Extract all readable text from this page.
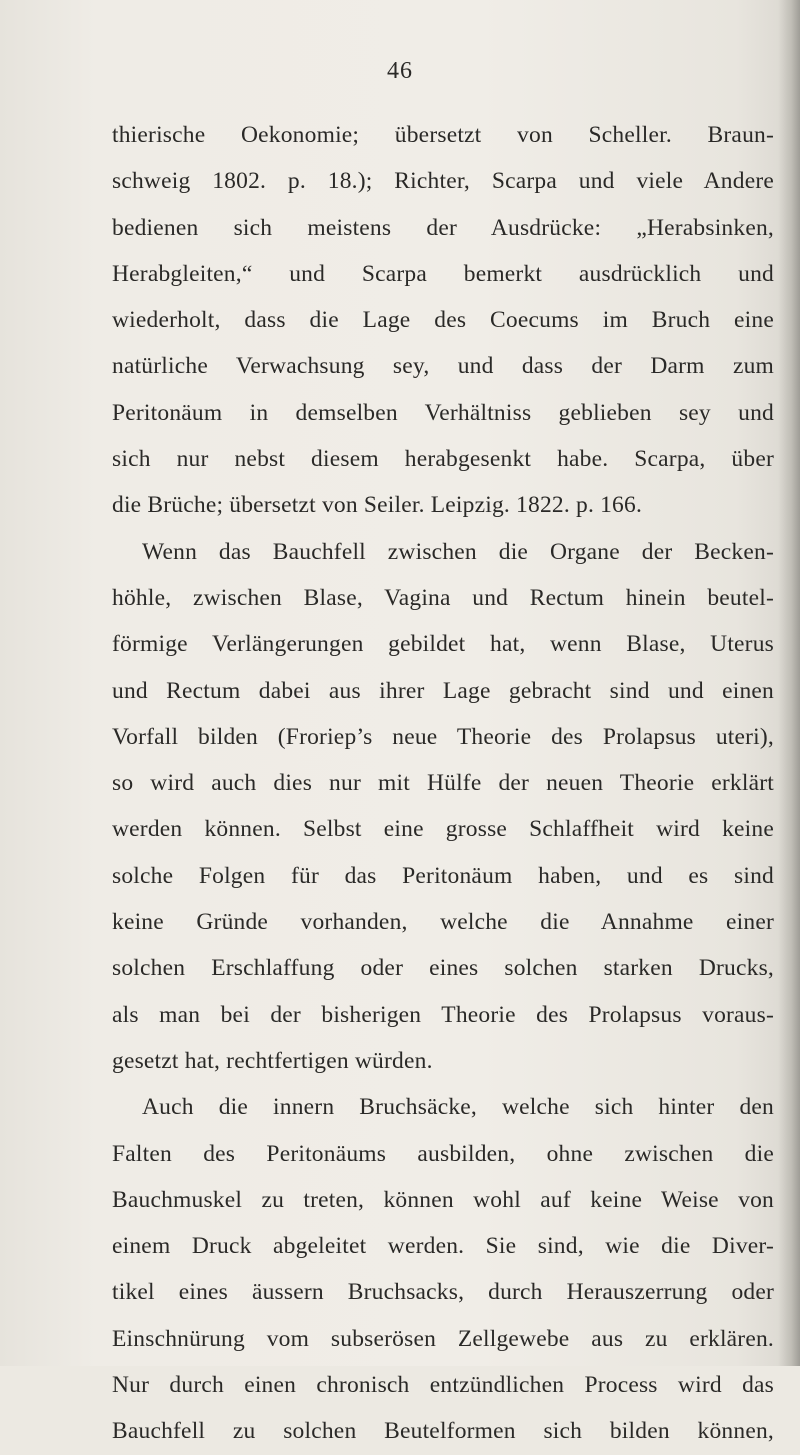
46
thierische Oekonomie; übersetzt von Scheller. Braun-
schweig 1802. p. 18.); Richter, Scarpa und viele Andere
bedienen sich meistens der Ausdrücke: „Herabsinken,
Herabgleiten,“ und Scarpa bemerkt ausdrücklich und
wiederholt, dass die Lage des Coecums im Bruch eine
natürliche Verwachsung sey, und dass der Darm zum
Peritonäum in demselben Verhältniss geblieben sey und
sich nur nebst diesem herabgesenkt habe. Scarpa, über
die Brüche; übersetzt von Seiler. Leipzig. 1822. p. 166.
Wenn das Bauchfell zwischen die Organe der Becken-
höhle, zwischen Blase, Vagina und Rectum hinein beutel-
förmige Verlängerungen gebildet hat, wenn Blase, Uterus
und Rectum dabei aus ihrer Lage gebracht sind und einen
Vorfall bilden (Froriep’s neue Theorie des Prolapsus uteri),
so wird auch dies nur mit Hülfe der neuen Theorie erklärt
werden können. Selbst eine grosse Schlaffheit wird keine
solche Folgen für das Peritonäum haben, und es sind
keine Gründe vorhanden, welche die Annahme einer
solchen Erschlaffung oder eines solchen starken Drucks,
als man bei der bisherigen Theorie des Prolapsus voraus-
gesetzt hat, rechtfertigen würden.
Auch die innern Bruchsäcke, welche sich hinter den
Falten des Peritonäums ausbilden, ohne zwischen die
Bauchmuskel zu treten, können wohl auf keine Weise von
einem Druck abgeleitet werden. Sie sind, wie die Diver-
tikel eines äussern Bruchsacks, durch Herauszerrung oder
Einschnürung vom subserösen Zellgewebe aus zu erklären.
Nur durch einen chronisch entzündlichen Process wird das
Bauchfell zu solchen Beutelformen sich bilden können,
